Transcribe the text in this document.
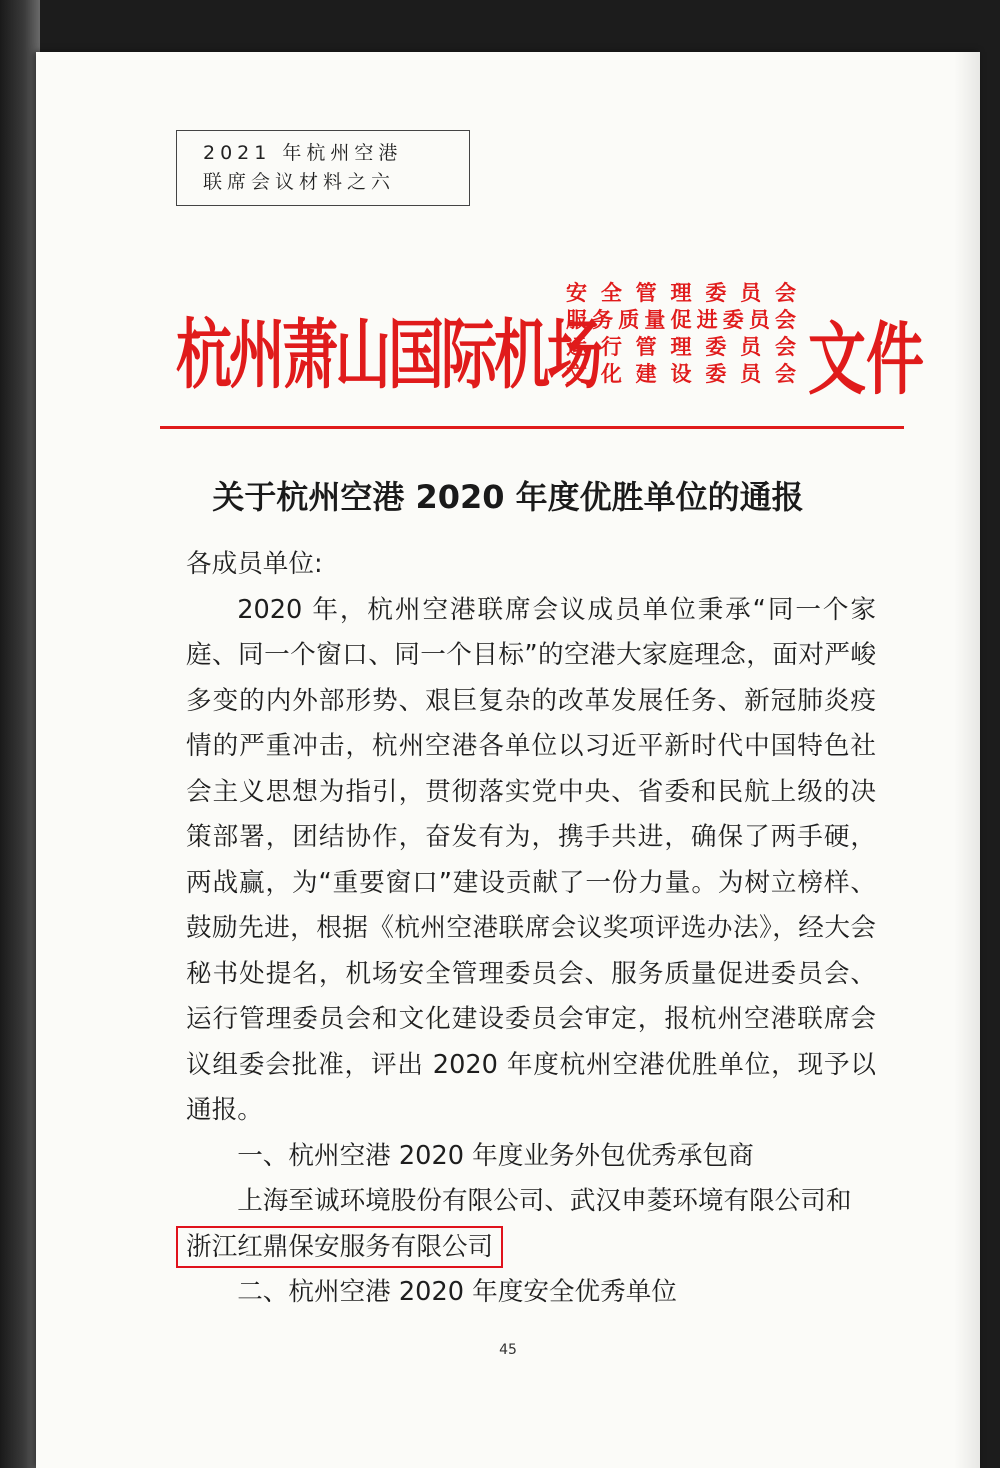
2021 年杭州空港
联席会议材料之六
杭州萧山国际机场
安全管理委员会
服务质量促进委员会
运行管理委员会
文化建设委员会 文件
关于杭州空港 2020 年度优胜单位的通报

各成员单位:

2020 年，杭州空港联席会议成员单位秉承“同一个家庭、同一个窗口、同一个目标”的空港大家庭理念，面对严峻多变的内外部形势、艰巨复杂的改革发展任务、新冠肺炎疫情的严重冲击，杭州空港各单位以习近平新时代中国特色社会主义思想为指引，贯彻落实党中央、省委和民航上级的决策部署，团结协作，奋发有为，携手共进，确保了两手硬，两战赢，为“重要窗口”建设贡献了一份力量。为树立榜样、鼓励先进，根据《杭州空港联席会议奖项评选办法》，经大会秘书处提名，机场安全管理委员会、服务质量促进委员会、运行管理委员会和文化建设委员会审定，报杭州空港联席会议组委会批准，评出 2020 年度杭州空港优胜单位，现予以通报。

一、杭州空港 2020 年度业务外包优秀承包商

上海至诚环境股份有限公司、武汉申菱环境有限公司和

浙江红鼎保安服务有限公司

二、杭州空港 2020 年度安全优秀单位

45
